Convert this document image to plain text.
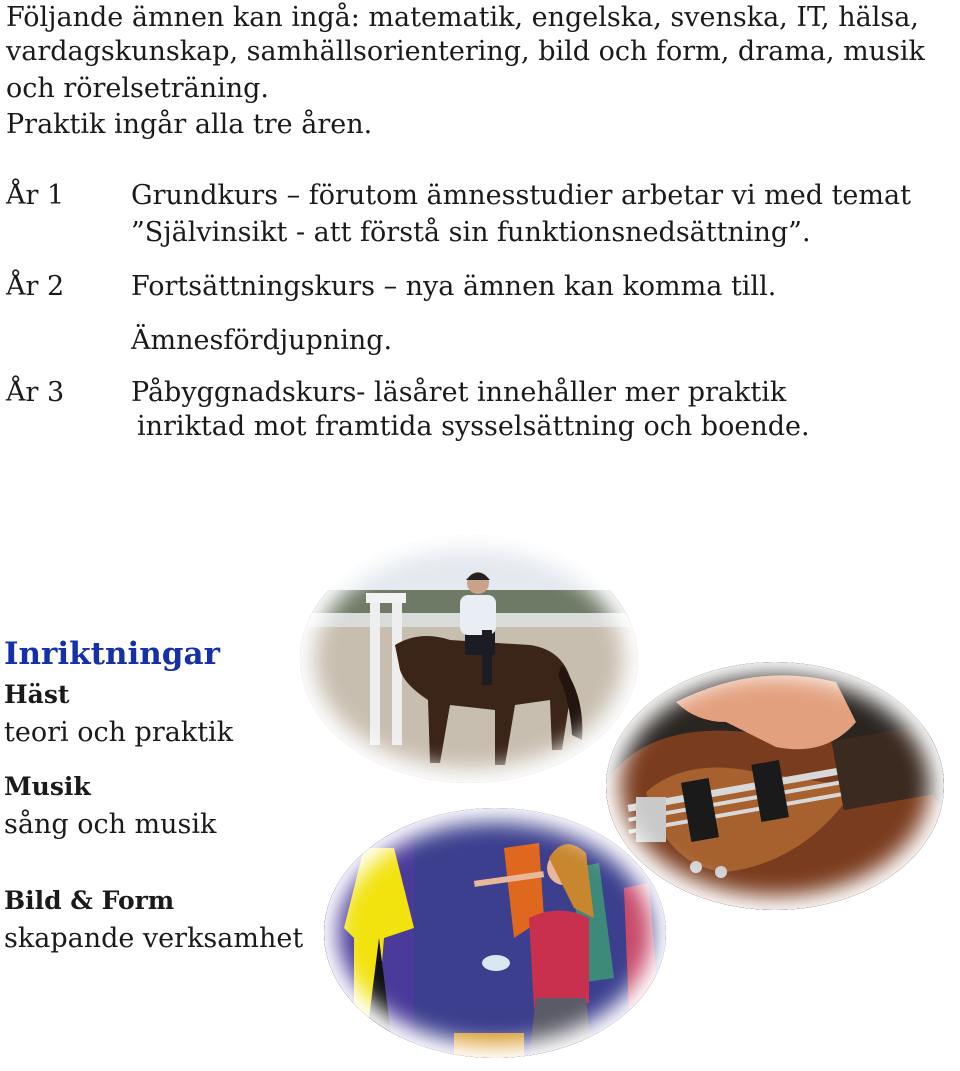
Följande ämnen kan ingå: matematik, engelska, svenska, IT, hälsa,
vardagskunskap, samhällsorientering, bild och form, drama, musik
och rörelseträning.
Praktik ingår alla tre åren.
År 1 Grundkurs – förutom ämnesstudier arbetar vi med temat
”Självinsikt - att förstå sin funktionsnedsättning”.
År 2 Fortsättningskurs – nya ämnen kan komma till.
Ämnesfördjupning.
År 3 Påbyggnadskurs- läsåret innehåller mer praktik
inriktad mot framtida sysselsättning och boende.
Inriktningar
Häst
teori och praktik
Musik
sång och musik
Bild & Form
skapande verksamhet
